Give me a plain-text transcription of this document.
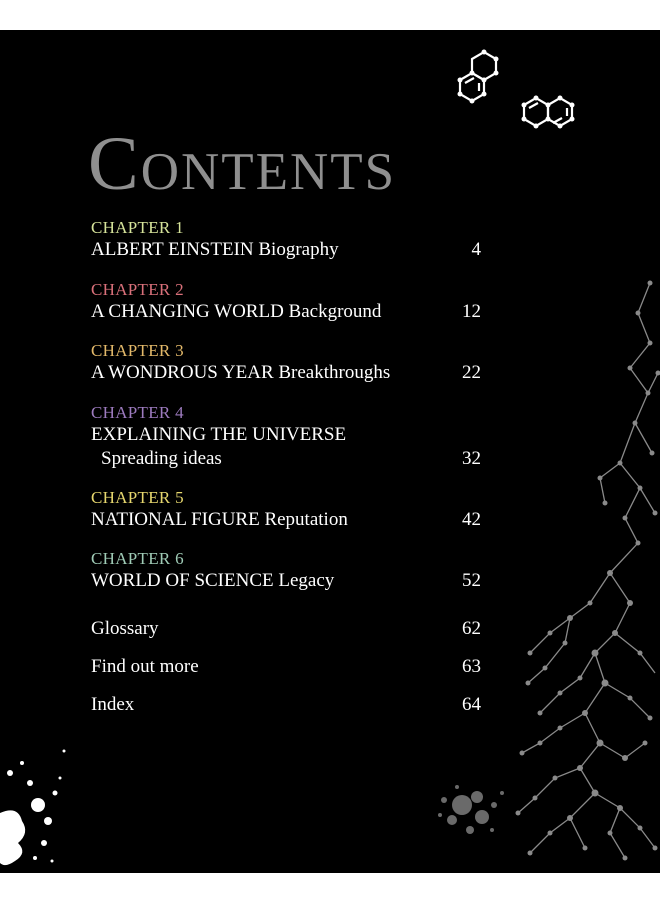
Contents
CHAPTER 1
ALBERT EINSTEIN Biography	4
CHAPTER 2
A CHANGING WORLD Background	12
CHAPTER 3
A WONDROUS YEAR Breakthroughs	22
CHAPTER 4
EXPLAINING THE UNIVERSE
Spreading ideas	32
CHAPTER 5
NATIONAL FIGURE Reputation	42
CHAPTER 6
WORLD OF SCIENCE Legacy	52
Glossary	62
Find out more	63
Index	64
